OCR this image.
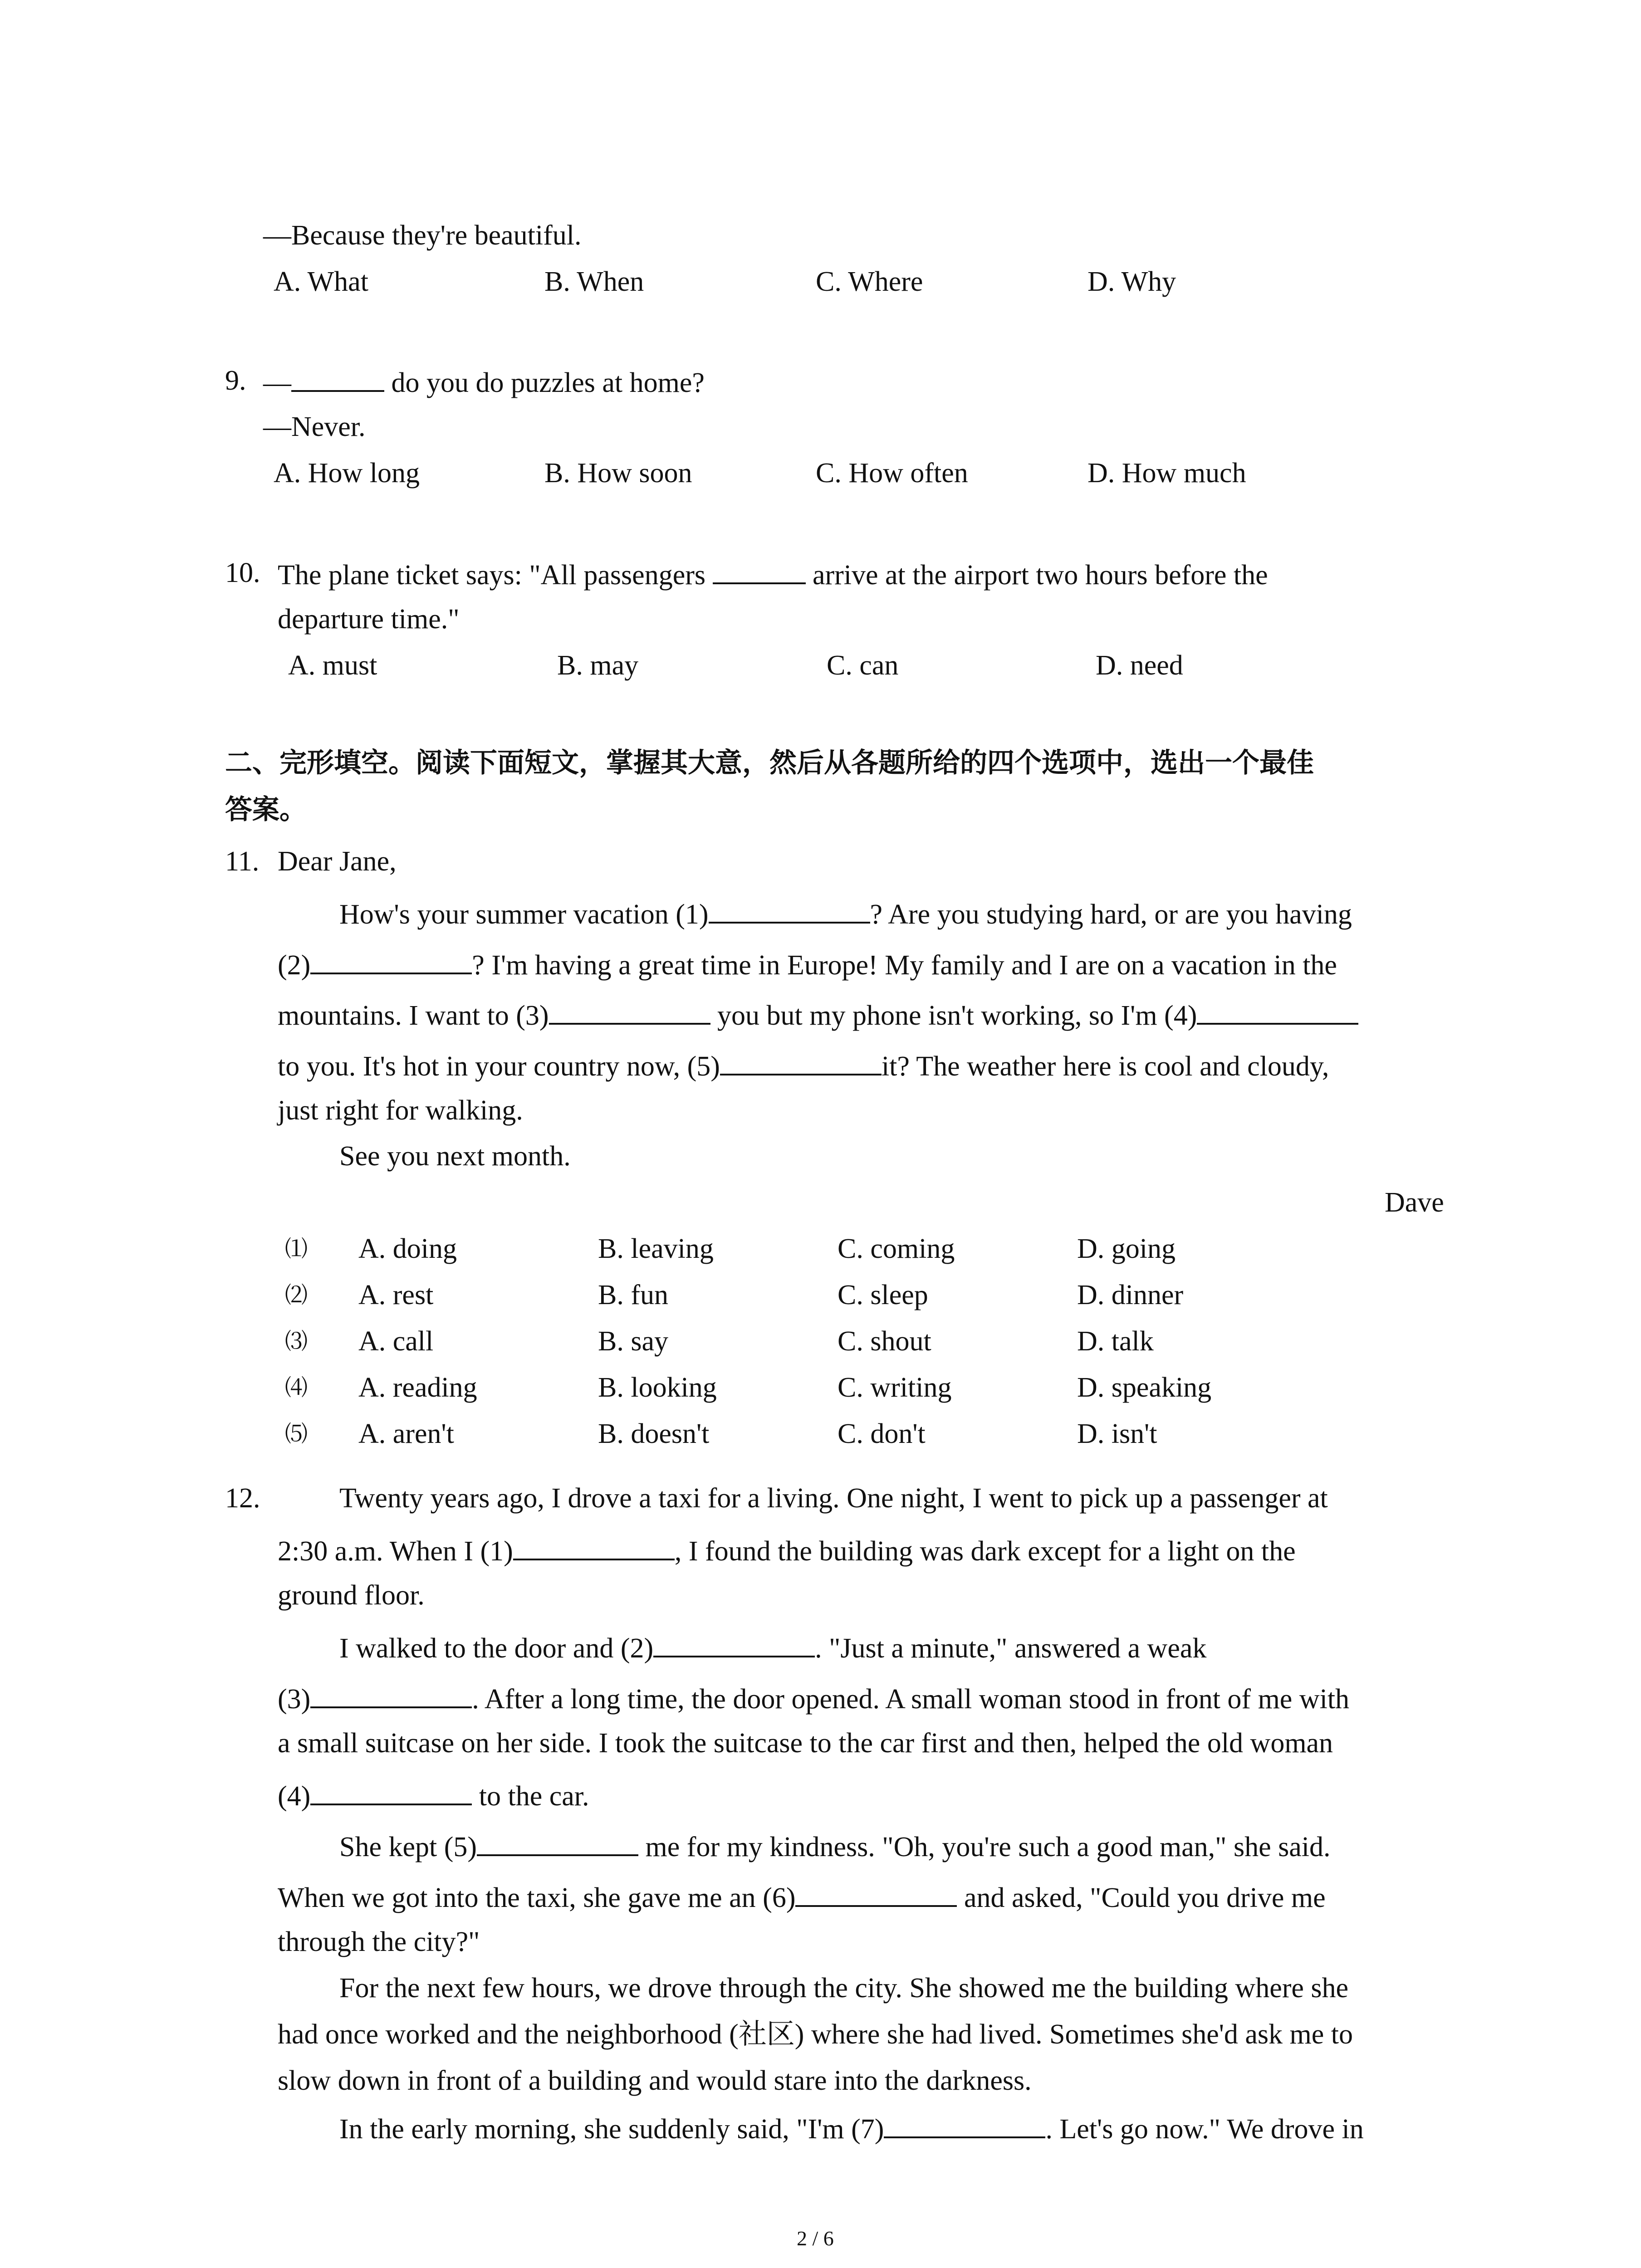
—Because they're beautiful.
A. What	B. When	C. Where	D. Why
9. —	do you do puzzles at home?
—Never.
A. How long	B. How soon	C. How often	D. How much
10. The plane ticket says: "All passengers	arrive at the airport two hours before the
departure time."
A. must	B. may	C. can	D. need
二、完形填空。阅读下面短文，掌握其大意，然后从各题所给的四个选项中，选出一个最佳
答案。
11. Dear Jane,
How's your summer vacation (1)	? Are you studying hard, or are you having
(2)	? I'm having a great time in Europe! My family and I are on a vacation in the
mountains. I want to (3)	you but my phone isn't working, so I'm (4)
to you. It's hot in your country now, (5)	it? The weather here is cool and cloudy,
just right for walking.
See you next month.
Dave
⑴ A. doing	B. leaving	C. coming	D. going
⑵ A. rest	B. fun	C. sleep	D. dinner
⑶ A. call	B. say	C. shout	D. talk
⑷ A. reading	B. looking	C. writing	D. speaking
⑸ A. aren't	B. doesn't	C. don't	D. isn't
12.	Twenty years ago, I drove a taxi for a living. One night, I went to pick up a passenger at
2:30 a.m. When I (1)	, I found the building was dark except for a light on the
ground floor.
I walked to the door and (2)	. "Just a minute," answered a weak
(3)	. After a long time, the door opened. A small woman stood in front of me with
a small suitcase on her side. I took the suitcase to the car first and then, helped the old woman
(4)	to the car.
She kept (5)	me for my kindness. "Oh, you're such a good man," she said.
When we got into the taxi, she gave me an (6)	and asked, "Could you drive me
through the city?"
For the next few hours, we drove through the city. She showed me the building where she
had once worked and the neighborhood (社区) where she had lived. Sometimes she'd ask me to
slow down in front of a building and would stare into the darkness.
In the early morning, she suddenly said, "I'm (7)	. Let's go now." We drove in
2 / 6
